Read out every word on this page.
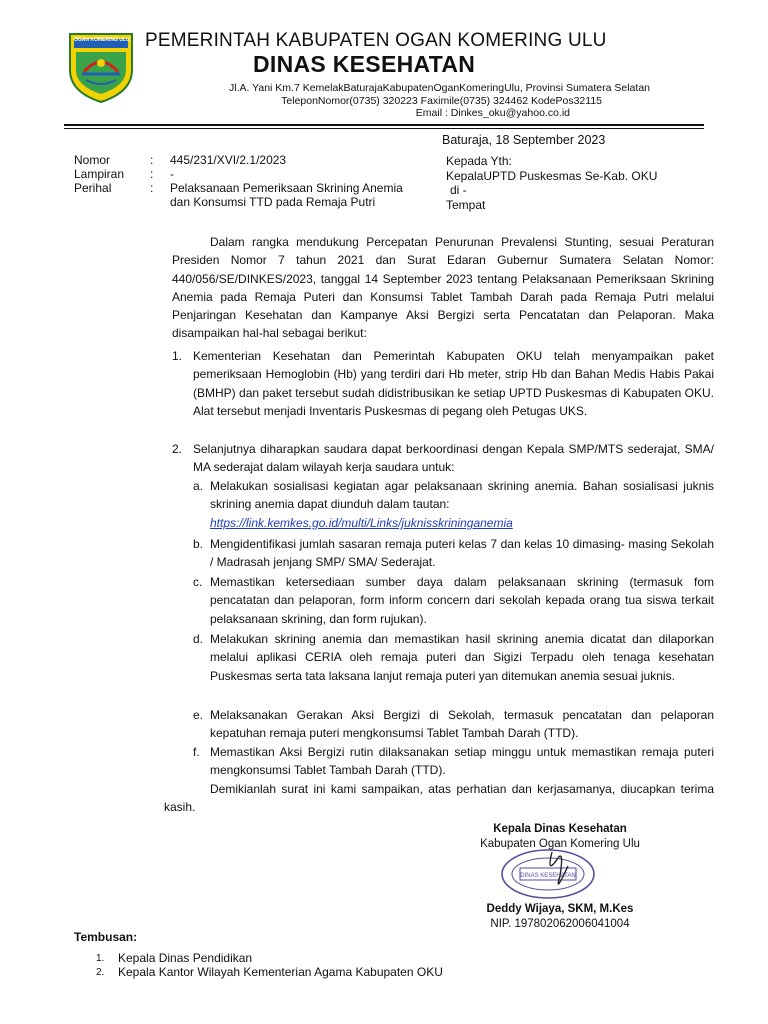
OGAN KOMERING ULU PEMERINTAH KABUPATEN OGAN KOMERING ULU
DINAS KESEHATAN
Jl.A. Yani Km.7 KemelakBaturajaKabupatenOganKomeringUlu, Provinsi Sumatera Selatan
TeleponNomor(0735) 320223 Faximile(0735) 324462 KodePos32115
Email : Dinkes_oku@yahoo.co.id
Baturaja, 18 September 2023
Nomor	: 445/231/XVI/2.1/2023
Lampiran : -
Perihal	: Pelaksanaan Pemeriksaan Skrining Anemia
dan Konsumsi TTD pada Remaja Putri
Kepada Yth:
KepalaUPTD Puskesmas Se-Kab. OKU
di -
Tempat
Dalam rangka mendukung Percepatan Penurunan Prevalensi Stunting, sesuai Peraturan Presiden Nomor 7 tahun 2021 dan Surat Edaran Gubernur Sumatera Selatan Nomor: 440/056/SE/DINKES/2023, tanggal 14 September 2023 tentang Pelaksanaan Pemeriksaan Skrining Anemia pada Remaja Puteri dan Konsumsi Tablet Tambah Darah pada Remaja Putri melalui Penjaringan Kesehatan dan Kampanye Aksi Bergizi serta Pencatatan dan Pelaporan. Maka disampaikan hal-hal sebagai berikut:
1. Kementerian Kesehatan dan Pemerintah Kabupaten OKU telah menyampaikan paket pemeriksaan Hemoglobin (Hb) yang terdiri dari Hb meter, strip Hb dan Bahan Medis Habis Pakai (BMHP) dan paket tersebut sudah didistribusikan ke setiap UPTD Puskesmas di Kabupaten OKU. Alat tersebut menjadi Inventaris Puskesmas di pegang oleh Petugas UKS.
2. Selanjutnya diharapkan saudara dapat berkoordinasi dengan Kepala SMP/MTS sederajat, SMA/ MA sederajat dalam wilayah kerja saudara untuk:
a. Melakukan sosialisasi kegiatan agar pelaksanaan skrining anemia. Bahan sosialisasi juknis skrining anemia dapat diunduh dalam tautan:
https://link.kemkes.go.id/multi/Links/juknisskrininganemia
b. Mengidentifikasi jumlah sasaran remaja puteri kelas 7 dan kelas 10 dimasing- masing Sekolah / Madrasah jenjang SMP/ SMA/ Sederajat.
c. Memastikan ketersediaan sumber daya dalam pelaksanaan skrining (termasuk fom pencatatan dan pelaporan, form inform concern dari sekolah kepada orang tua siswa terkait pelaksanaan skrining, dan form rujukan).
d. Melakukan skrining anemia dan memastikan hasil skrining anemia dicatat dan dilaporkan melalui aplikasi CERIA oleh remaja puteri dan Sigizi Terpadu oleh tenaga kesehatan Puskesmas serta tata laksana lanjut remaja puteri yan ditemukan anemia sesuai juknis.
e. Melaksanakan Gerakan Aksi Bergizi di Sekolah, termasuk pencatatan dan pelaporan kepatuhan remaja puteri mengkonsumsi Tablet Tambah Darah (TTD).
f. Memastikan Aksi Bergizi rutin dilaksanakan setiap minggu untuk memastikan remaja puteri mengkonsumsi Tablet Tambah Darah (TTD).
Demikianlah surat ini kami sampaikan, atas perhatian dan kerjasamanya, diucapkan terima kasih.
Kepala Dinas Kesehatan
Kabupaten Ogan Komering Ulu
DINAS KESEHATAN
Deddy Wijaya, SKM, M.Kes
NIP. 197802062006041004
Tembusan:
1. Kepala Dinas Pendidikan
2. Kepala Kantor Wilayah Kementerian Agama Kabupaten OKU
